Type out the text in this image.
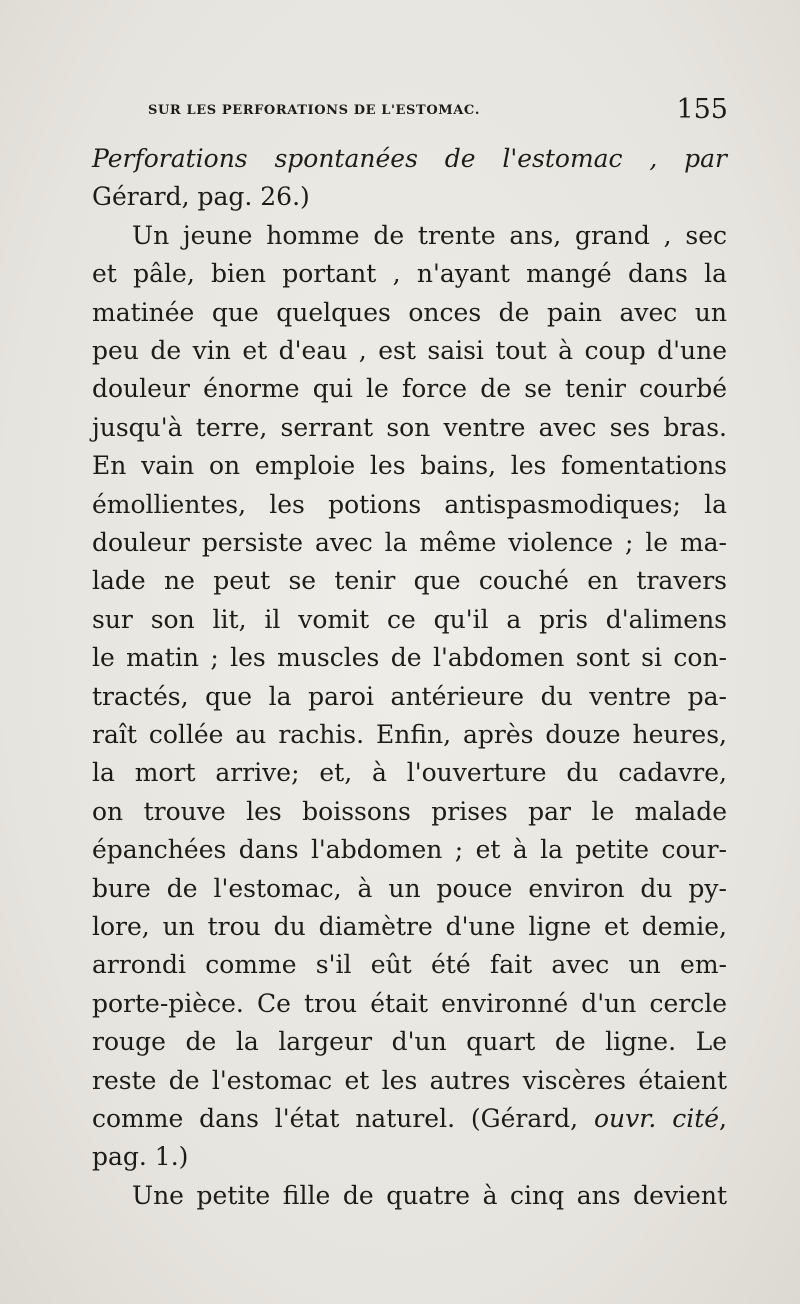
sur les perforations de l'estomac.	155
Perforations spontanées de l'estomac , par
Gérard, pag. 26.)
Un jeune homme de trente ans, grand , sec
et pâle, bien portant , n'ayant mangé dans la
matinée que quelques onces de pain avec un
peu de vin et d'eau , est saisi tout à coup d'une
douleur énorme qui le force de se tenir courbé
jusqu'à terre, serrant son ventre avec ses bras.
En vain on emploie les bains, les fomentations
émollientes, les potions antispasmodiques; la
douleur persiste avec la même violence ; le ma-
lade ne peut se tenir que couché en travers
sur son lit, il vomit ce qu'il a pris d'alimens
le matin ; les muscles de l'abdomen sont si con-
tractés, que la paroi antérieure du ventre pa-
raît collée au rachis. Enfin, après douze heures,
la mort arrive; et, à l'ouverture du cadavre,
on trouve les boissons prises par le malade
épanchées dans l'abdomen ; et à la petite cour-
bure de l'estomac, à un pouce environ du py-
lore, un trou du diamètre d'une ligne et demie,
arrondi comme s'il eût été fait avec un em-
porte-pièce. Ce trou était environné d'un cercle
rouge de la largeur d'un quart de ligne. Le
reste de l'estomac et les autres viscères étaient
comme dans l'état naturel. (Gérard, ouvr. cité,
pag. 1.)
Une petite fille de quatre à cinq ans devient
